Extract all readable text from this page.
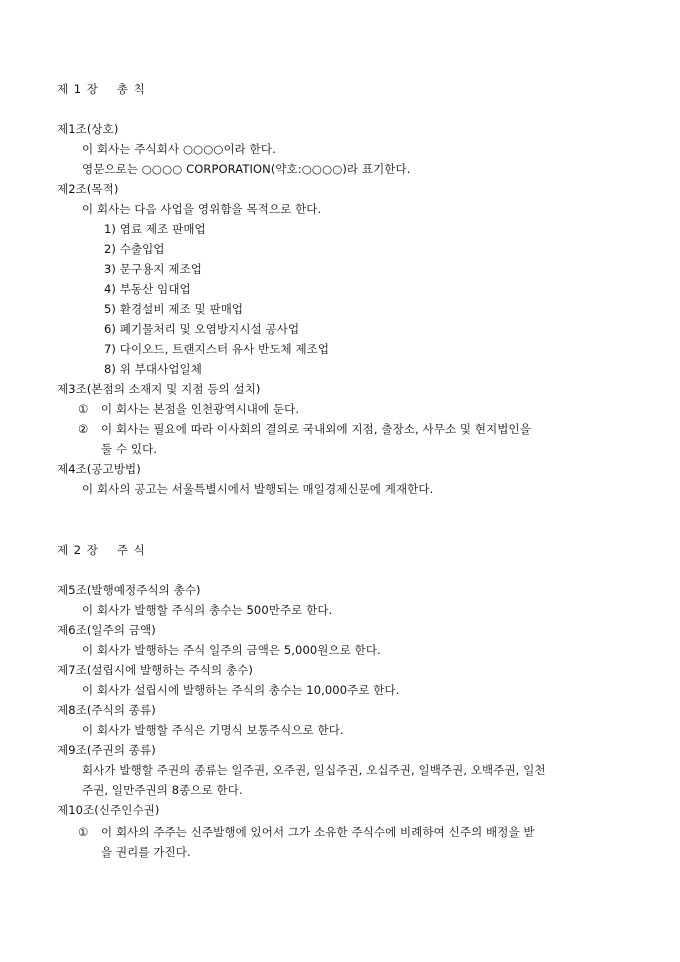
제 1 장 총 칙
제1조(상호)
이 회사는 주식회사 ○○○○이라 한다.
영문으로는 ○○○○ CORPORATION(약호:○○○○)라 표기한다.
제2조(목적)
이 회사는 다음 사업을 영위함을 목적으로 한다.
1) 염료 제조 판매업
2) 수출입업
3) 문구용지 제조업
4) 부동산 임대업
5) 환경설비 제조 및 판매업
6) 폐기물처리 및 오염방지시설 공사업
7) 다이오드, 트랜지스터 유사 반도체 제조업
8) 위 부대사업일체
제3조(본점의 소재지 및 지점 등의 설치)
① 이 회사는 본점을 인천광역시내에 둔다.
② 이 회사는 필요에 따라 이사회의 결의로 국내외에 지점, 출장소, 사무소 및 현지법인을
둘 수 있다.
제4조(공고방법)
이 회사의 공고는 서울특별시에서 발행되는 매일경제신문에 게재한다.
제 2 장 주 식
제5조(발행예정주식의 총수)
이 회사가 발행할 주식의 총수는 500만주로 한다.
제6조(일주의 금액)
이 회사가 발행하는 주식 일주의 금액은 5,000원으로 한다.
제7조(설립시에 발행하는 주식의 총수)
이 회사가 설립시에 발행하는 주식의 총수는 10,000주로 한다.
제8조(주식의 종류)
이 회사가 발행할 주식은 기명식 보통주식으로 한다.
제9조(주권의 종류)
회사가 발행할 주권의 종류는 일주권, 오주권, 일십주권, 오십주권, 일백주권, 오백주권, 일천
주권, 일만주권의 8종으로 한다.
제10조(신주인수권)
① 이 회사의 주주는 신주발행에 있어서 그가 소유한 주식수에 비례하여 신주의 배정을 받
을 권리를 가진다.
